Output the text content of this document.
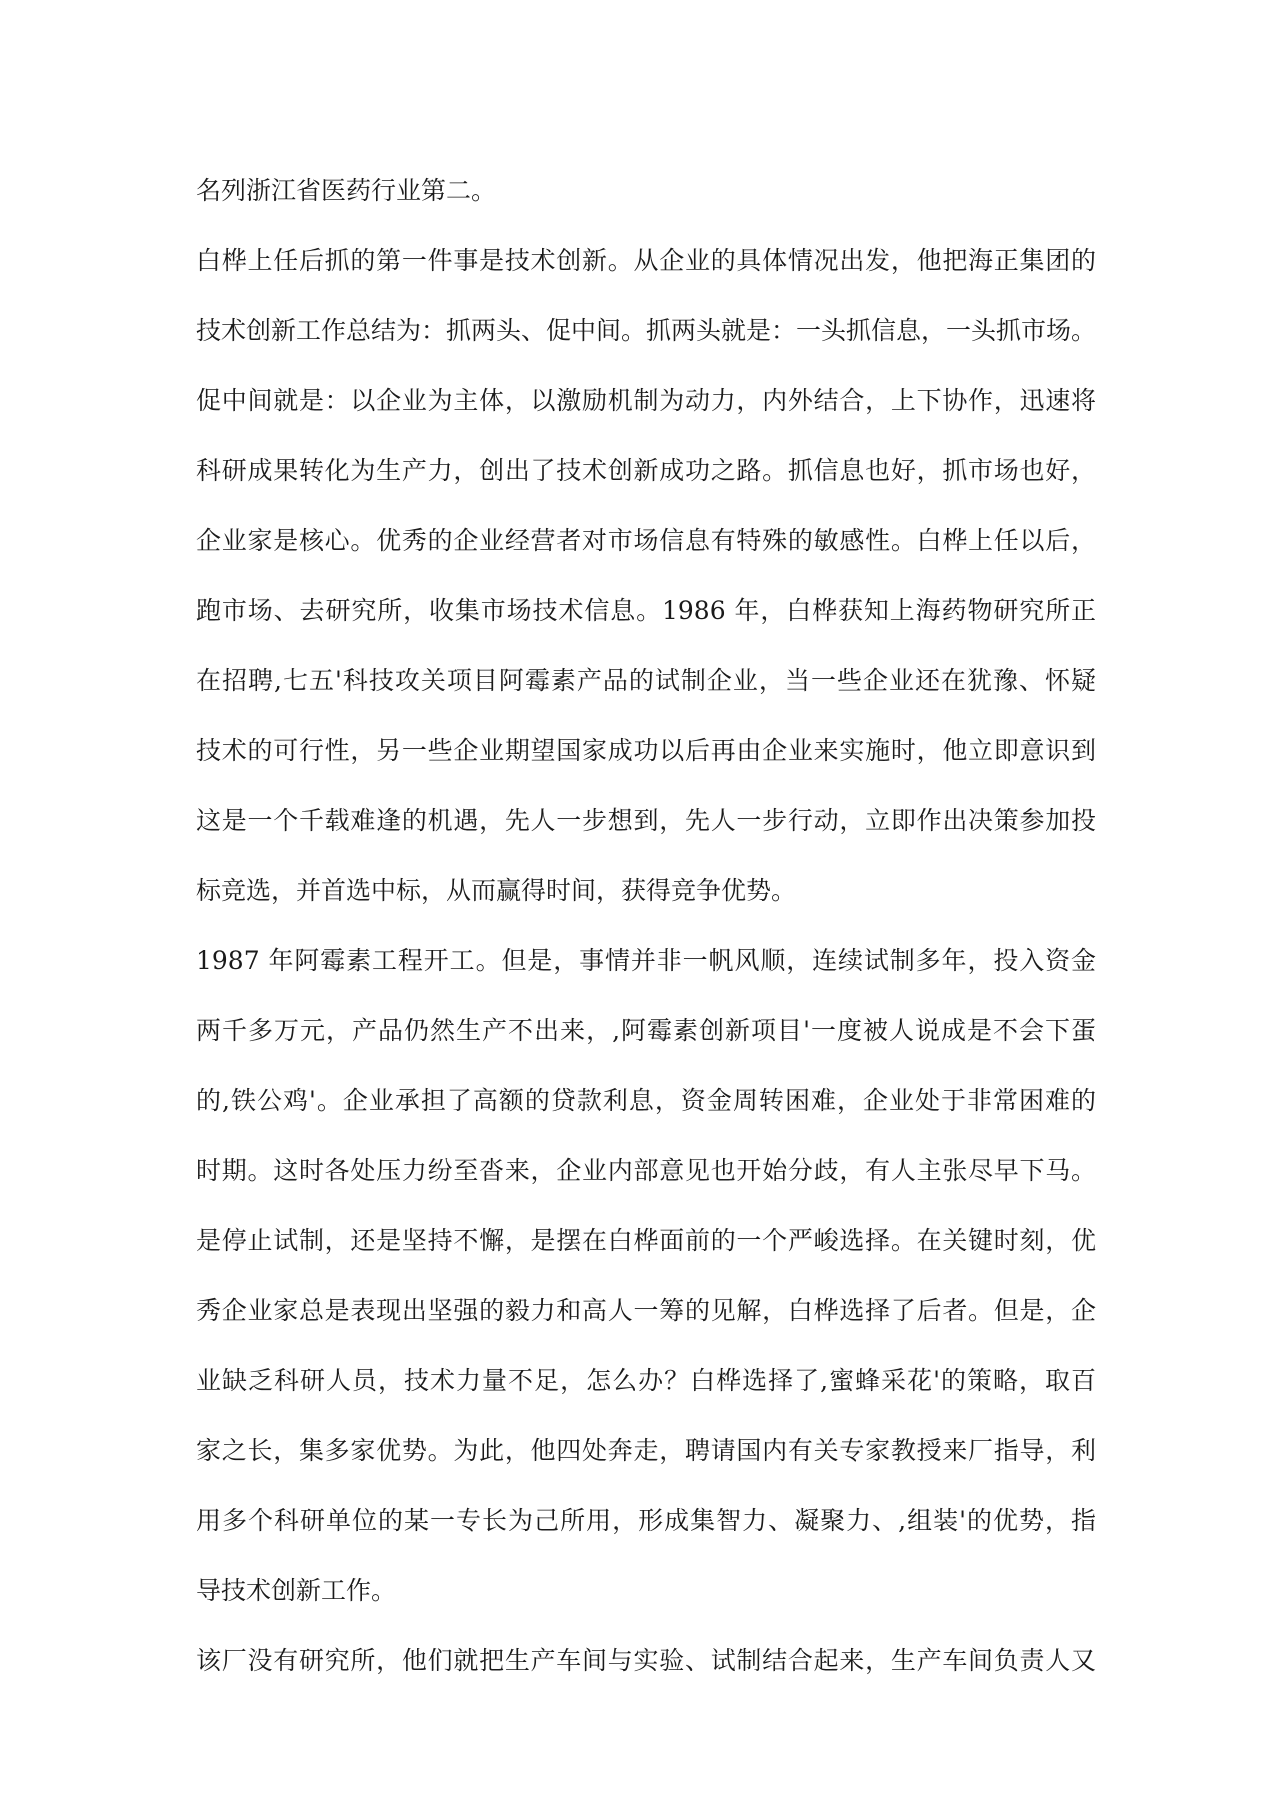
名列浙江省医药行业第二。
白桦上任后抓的第一件事是技术创新。从企业的具体情况出发，他把海正集团的
技术创新工作总结为：抓两头、促中间。抓两头就是：一头抓信息，一头抓市场。
促中间就是：以企业为主体，以激励机制为动力，内外结合，上下协作，迅速将
科研成果转化为生产力，创出了技术创新成功之路。抓信息也好，抓市场也好，
企业家是核心。优秀的企业经营者对市场信息有特殊的敏感性。白桦上任以后，
跑市场、去研究所，收集市场技术信息。1986 年，白桦获知上海药物研究所正
在招聘,七五'科技攻关项目阿霉素产品的试制企业，当一些企业还在犹豫、怀疑
技术的可行性，另一些企业期望国家成功以后再由企业来实施时，他立即意识到
这是一个千载难逢的机遇，先人一步想到，先人一步行动，立即作出决策参加投
标竞选，并首选中标，从而赢得时间，获得竞争优势。
1987 年阿霉素工程开工。但是，事情并非一帆风顺，连续试制多年，投入资金
两千多万元，产品仍然生产不出来，,阿霉素创新项目'一度被人说成是不会下蛋
的,铁公鸡'。企业承担了高额的贷款利息，资金周转困难，企业处于非常困难的
时期。这时各处压力纷至沓来，企业内部意见也开始分歧，有人主张尽早下马。
是停止试制，还是坚持不懈，是摆在白桦面前的一个严峻选择。在关键时刻，优
秀企业家总是表现出坚强的毅力和高人一筹的见解，白桦选择了后者。但是，企
业缺乏科研人员，技术力量不足，怎么办？白桦选择了,蜜蜂采花'的策略，取百
家之长，集多家优势。为此，他四处奔走，聘请国内有关专家教授来厂指导，利
用多个科研单位的某一专长为己所用，形成集智力、凝聚力、,组装'的优势，指
导技术创新工作。
该厂没有研究所，他们就把生产车间与实验、试制结合起来，生产车间负责人又
